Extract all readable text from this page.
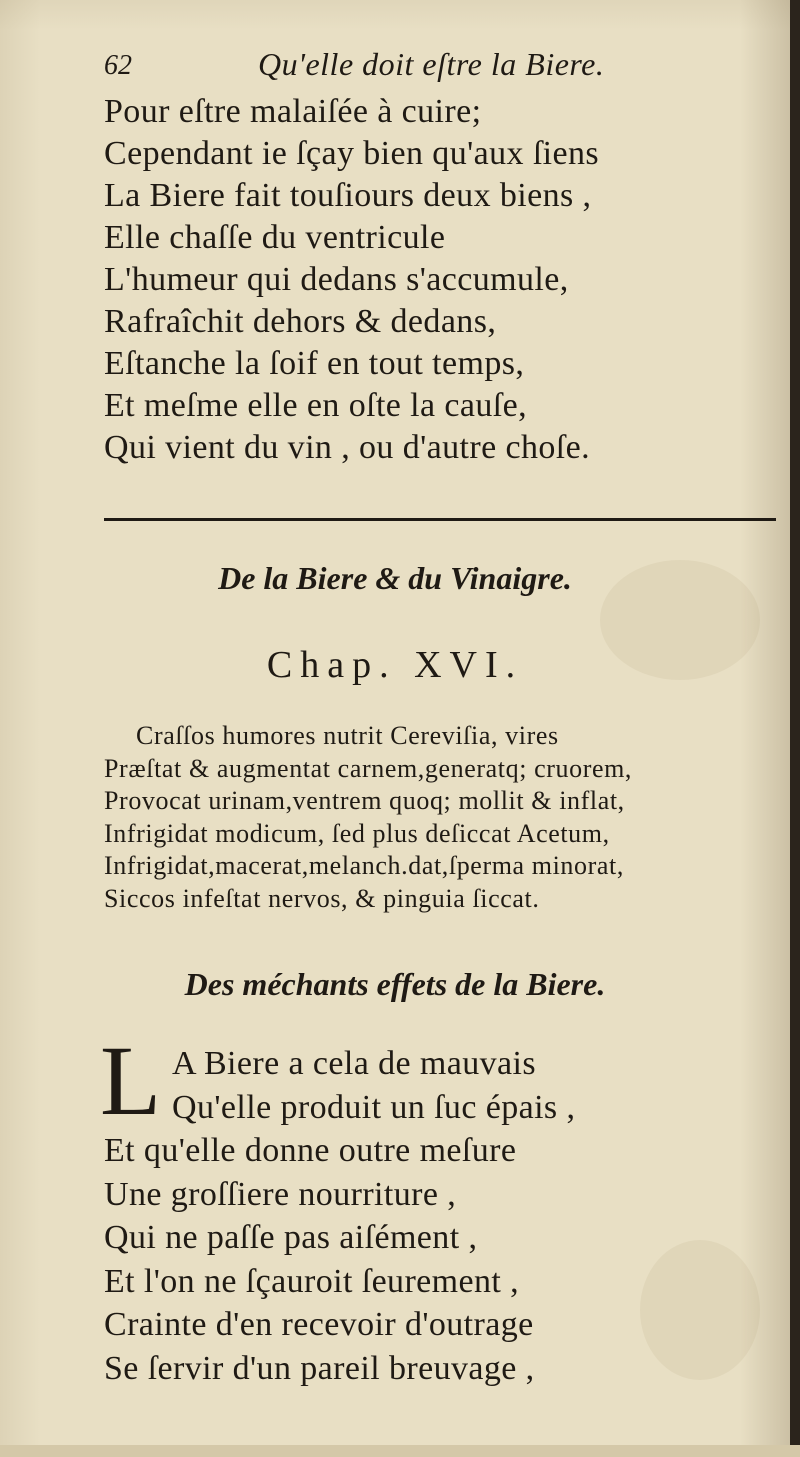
62	Qu'elle doit eſtre la Biere.
Pour eſtre malaiſée à cuire;
Cependant ie ſçay bien qu'aux ſiens
La Biere fait touſiours deux biens ,
Elle chaſſe du ventricule
L'humeur qui dedans s'accumule,
Rafraîchit dehors & dedans,
Eſtanche la ſoif en tout temps,
Et meſme elle en oſte la cauſe,
Qui vient du vin , ou d'autre choſe.
De la Biere & du Vinaigre.
Chap. XVI.
Craſſos humores nutrit Cereviſia, vires
Præſtat & augmentat carnem,generatq; cruorem,
Provocat urinam,ventrem quoq; mollit & inflat,
Infrigidat modicum, ſed plus deſiccat Acetum,
Infrigidat,macerat,melanch.dat,ſperma minorat,
Siccos infeſtat nervos, & pinguia ſiccat.
Des méchants effets de la Biere.
L A Biere a cela de mauvais
Qu'elle produit un ſuc épais ,
Et qu'elle donne outre meſure
Une groſſiere nourriture ,
Qui ne paſſe pas aiſément ,
Et l'on ne ſçauroit ſeurement ,
Crainte d'en recevoir d'outrage
Se ſervir d'un pareil breuvage ,
